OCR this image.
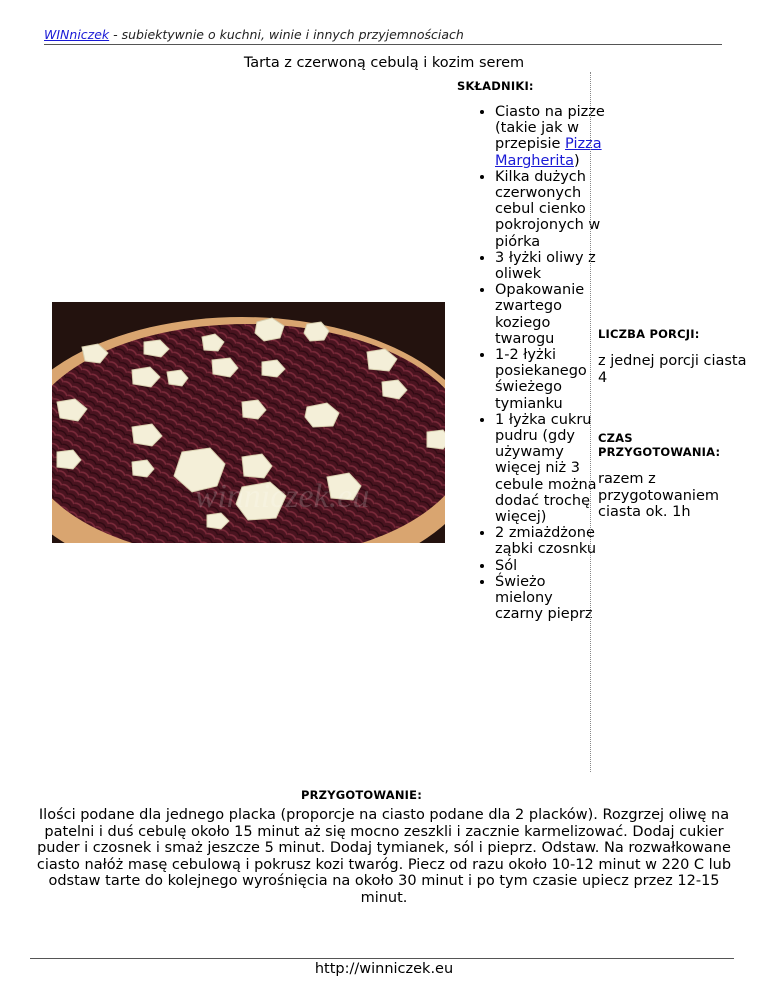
WINniczek - subiektywnie o kuchni, winie i innych przyjemnościach
Tarta z czerwoną cebulą i kozim serem
SKŁADNIKI:
winniczek.eu
• Ciasto na pizze (takie jak w przepisie Pizza Margherita)
• Kilka dużych czerwonych cebul cienko pokrojonych w piórka
• 3 łyżki oliwy z oliwek
• Opakowanie zwartego koziego twarogu
• 1-2 łyżki posiekanego świeżego tymianku
• 1 łyżka cukru pudru (gdy używamy więcej niż 3 cebule można dodać trochę więcej)
• 2 zmiażdżone ząbki czosnku
• Sól
• Świeżo mielony czarny pieprz
LICZBA PORCJI:
z jednej porcji ciasta 4
CZAS PRZYGOTOWANIA:
razem z przygotowaniem ciasta ok. 1h
PRZYGOTOWANIE:
Ilości podane dla jednego placka (proporcje na ciasto podane dla 2 placków). Rozgrzej oliwę na patelni i duś cebulę około 15 minut aż się mocno zeszkli i zacznie karmelizować. Dodaj cukier puder i czosnek i smaż jeszcze 5 minut. Dodaj tymianek, sól i pieprz. Odstaw. Na rozwałkowane ciasto nałóż masę cebulową i pokrusz kozi twaróg. Piecz od razu około 10-12 minut w 220 C lub odstaw tarte do kolejnego wyrośnięcia na około 30 minut i po tym czasie upiecz przez 12-15 minut.
http://winniczek.eu
